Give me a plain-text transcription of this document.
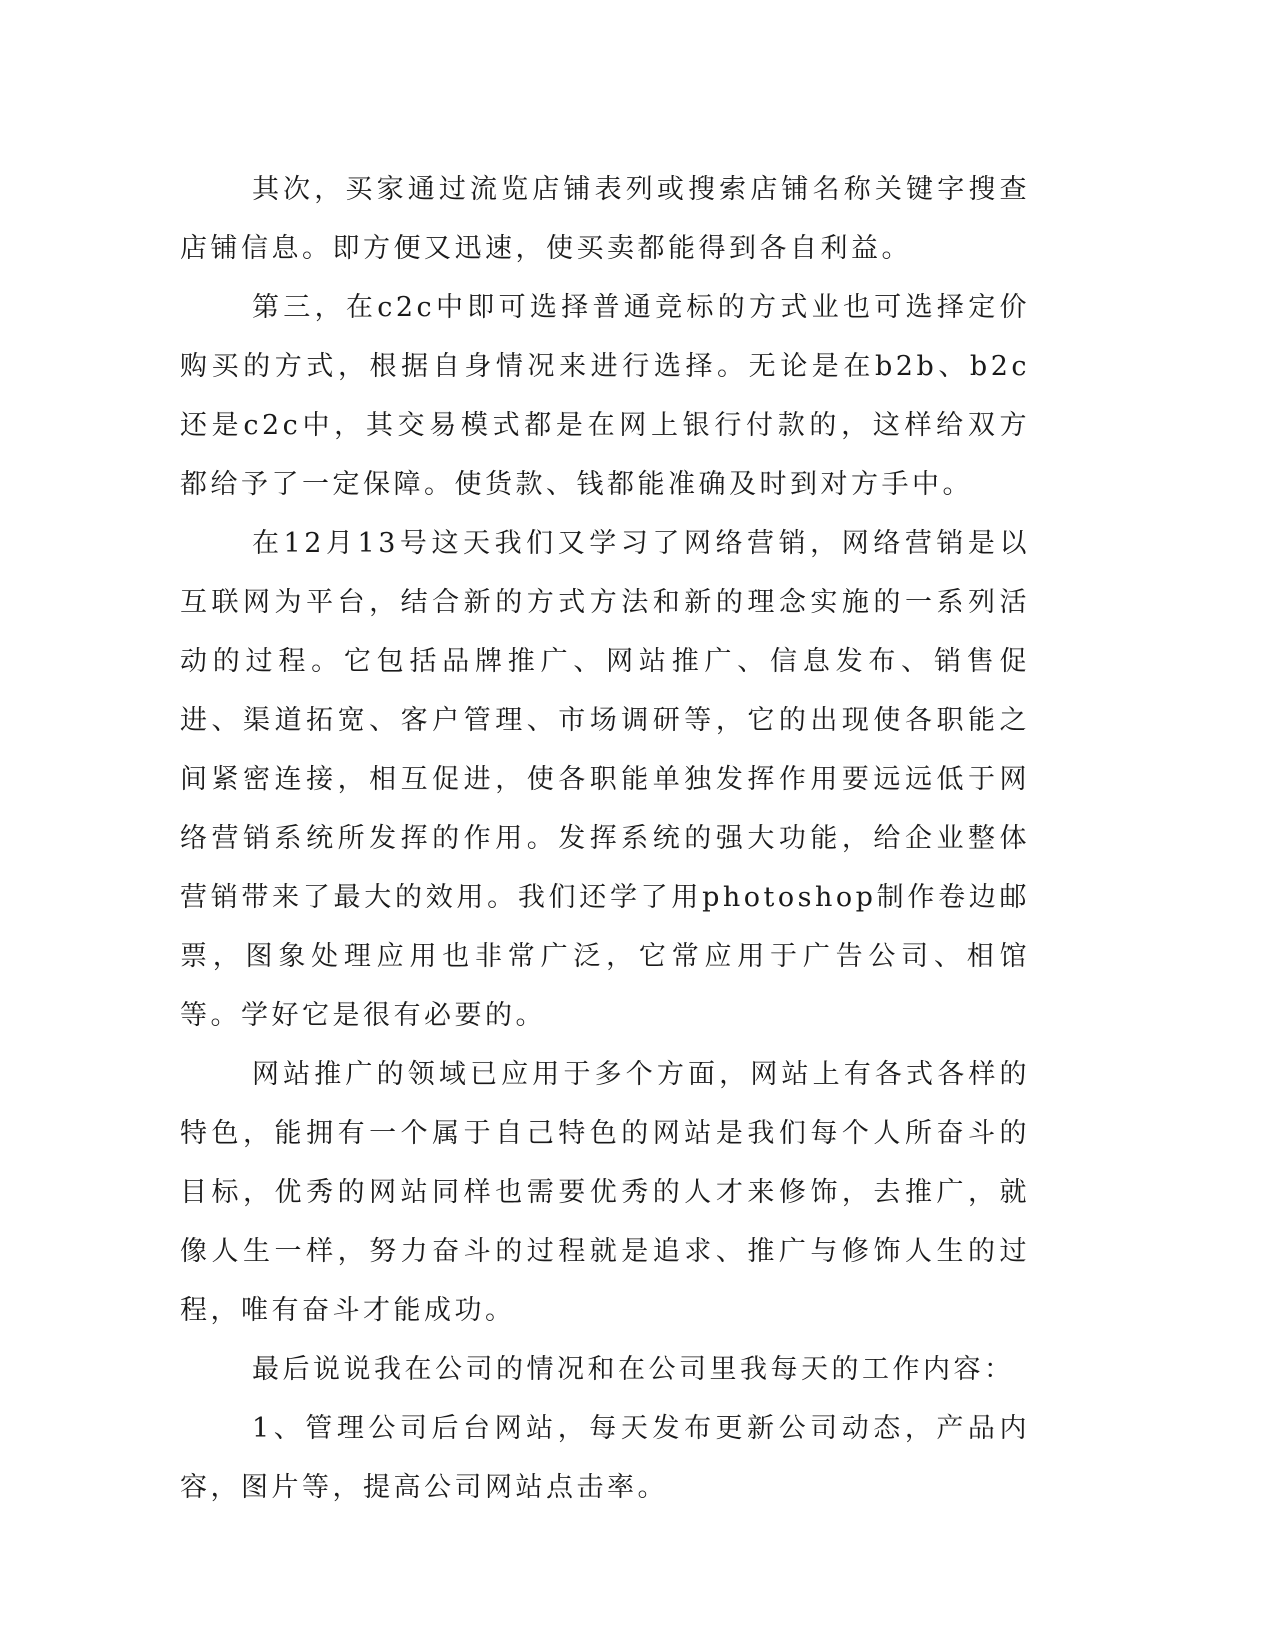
其次，买家通过流览店铺表列或搜索店铺名称关键字搜查店铺信息。即方便又迅速，使买卖都能得到各自利益。

第三，在c2c中即可选择普通竞标的方式业也可选择定价购买的方式，根据自身情况来进行选择。无论是在b2b、b2c还是c2c中，其交易模式都是在网上银行付款的，这样给双方都给予了一定保障。使货款、钱都能准确及时到对方手中。

在12月13号这天我们又学习了网络营销，网络营销是以互联网为平台，结合新的方式方法和新的理念实施的一系列活动的过程。它包括品牌推广、网站推广、信息发布、销售促进、渠道拓宽、客户管理、市场调研等，它的出现使各职能之间紧密连接，相互促进，使各职能单独发挥作用要远远低于网络营销系统所发挥的作用。发挥系统的强大功能，给企业整体营销带来了最大的效用。我们还学了用photoshop制作卷边邮票，图象处理应用也非常广泛，它常应用于广告公司、相馆等。学好它是很有必要的。

网站推广的领域已应用于多个方面，网站上有各式各样的特色，能拥有一个属于自己特色的网站是我们每个人所奋斗的目标，优秀的网站同样也需要优秀的人才来修饰，去推广，就像人生一样，努力奋斗的过程就是追求、推广与修饰人生的过程，唯有奋斗才能成功。

最后说说我在公司的情况和在公司里我每天的工作内容：

1、管理公司后台网站，每天发布更新公司动态，产品内容，图片等，提高公司网站点击率。
